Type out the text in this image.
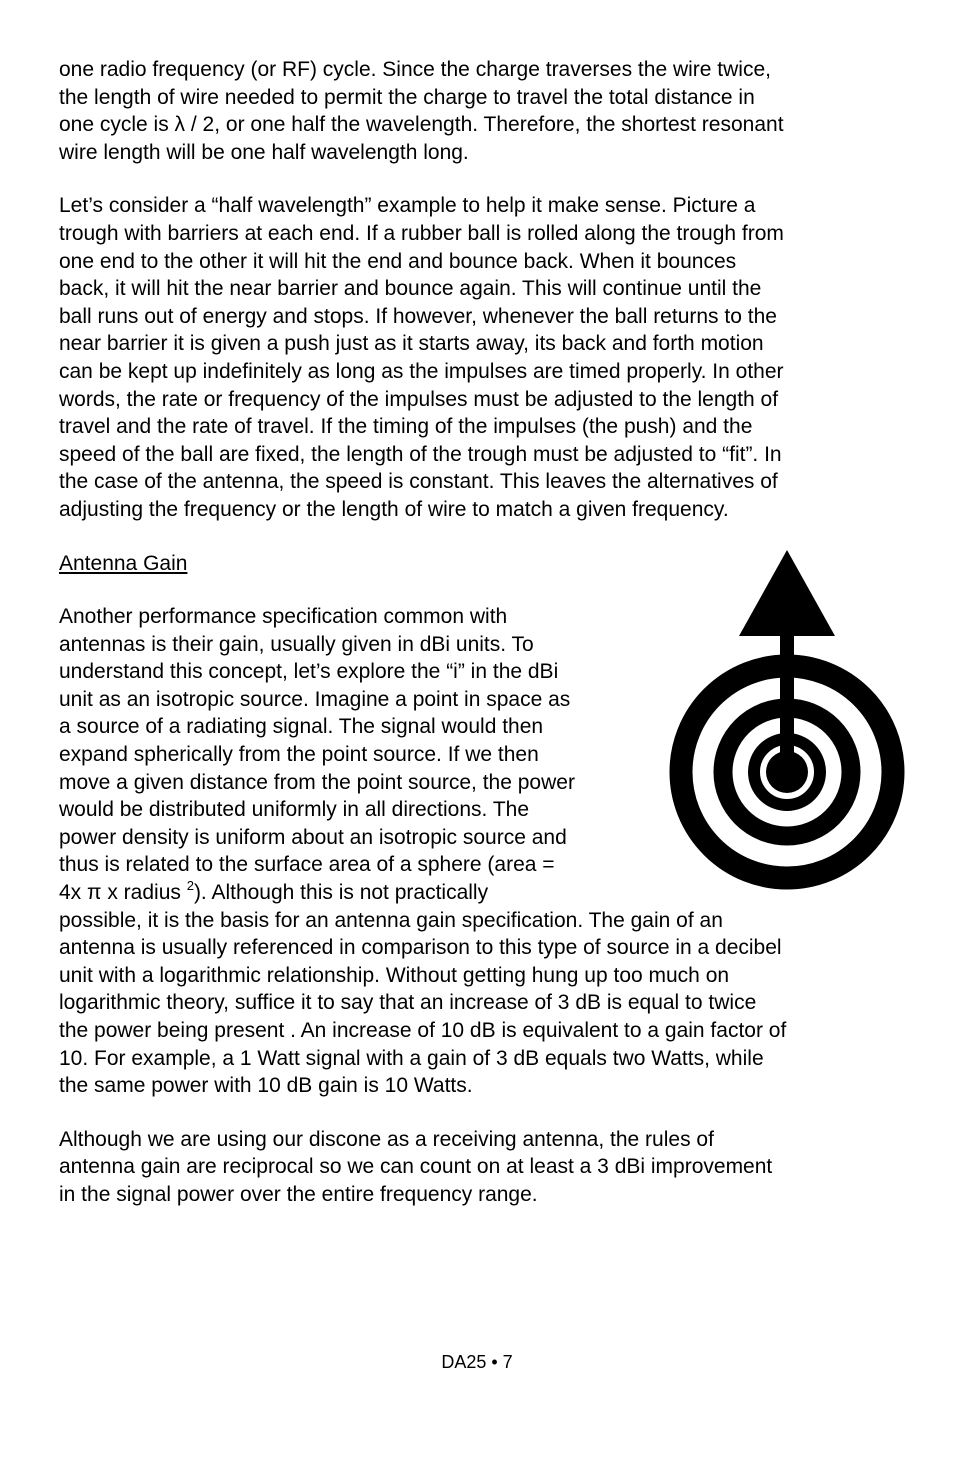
one radio frequency (or RF) cycle. Since the charge traverses the wire twice,
the length of wire needed to permit the charge to travel the total distance in
one cycle is λ / 2, or one half the wavelength. Therefore, the shortest resonant
wire length will be one half wavelength long.

Let’s consider a “half wavelength” example to help it make sense. Picture a
trough with barriers at each end. If a rubber ball is rolled along the trough from
one end to the other it will hit the end and bounce back. When it bounces
back, it will hit the near barrier and bounce again. This will continue until the
ball runs out of energy and stops. If however, whenever the ball returns to the
near barrier it is given a push just as it starts away, its back and forth motion
can be kept up indefinitely as long as the impulses are timed properly. In other
words, the rate or frequency of the impulses must be adjusted to the length of
travel and the rate of travel. If the timing of the impulses (the push) and the
speed of the ball are fixed, the length of the trough must be adjusted to “fit”. In
the case of the antenna, the speed is constant. This leaves the alternatives of
adjusting the frequency or the length of wire to match a given frequency.

Antenna Gain

Another performance specification common with
antennas is their gain, usually given in dBi units. To
understand this concept, let’s explore the “i” in the dBi
unit as an isotropic source. Imagine a point in space as
a source of a radiating signal. The signal would then
expand spherically from the point source. If we then
move a given distance from the point source, the power
would be distributed uniformly in all directions. The
power density is uniform about an isotropic source and
thus is related to the surface area of a sphere (area =
4x π x radius $^2$). Although this is not practically
possible, it is the basis for an antenna gain specification. The gain of an
antenna is usually referenced in comparison to this type of source in a decibel
unit with a logarithmic relationship. Without getting hung up too much on
logarithmic theory, suffice it to say that an increase of 3 dB is equal to twice
the power being present . An increase of 10 dB is equivalent to a gain factor of
10. For example, a 1 Watt signal with a gain of 3 dB equals two Watts, while
the same power with 10 dB gain is 10 Watts.

Although we are using our discone as a receiving antenna, the rules of
antenna gain are reciprocal so we can count on at least a 3 dBi improvement
in the signal power over the entire frequency range.

DA25 • 7
